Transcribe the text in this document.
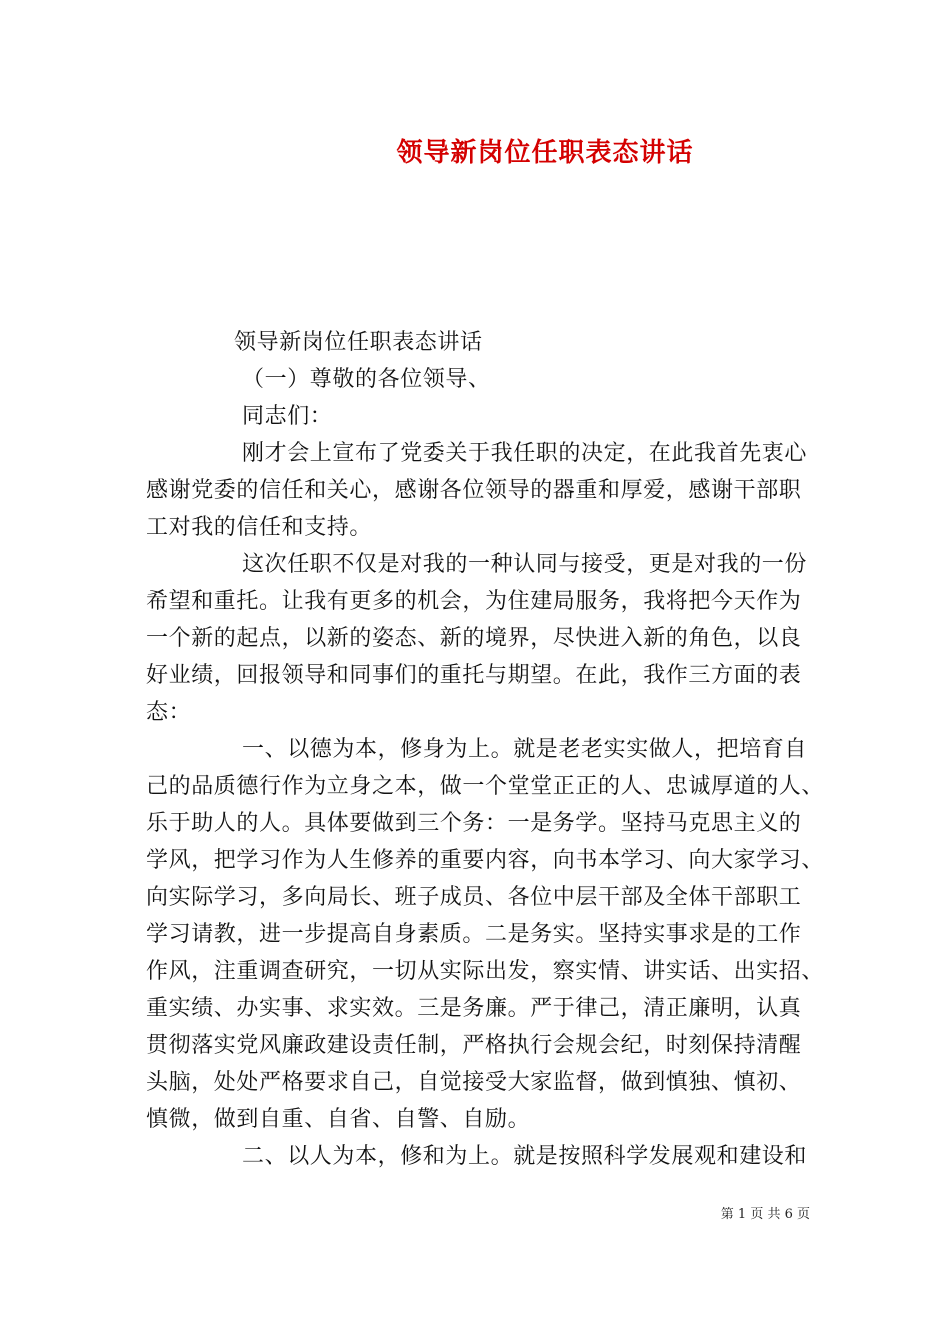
领导新岗位任职表态讲话
领导新岗位任职表态讲话
（一）尊敬的各位领导、
同志们：
刚才会上宣布了党委关于我任职的决定，在此我首先衷心
感谢党委的信任和关心，感谢各位领导的器重和厚爱，感谢干部职
工对我的信任和支持。
这次任职不仅是对我的一种认同与接受，更是对我的一份
希望和重托。让我有更多的机会，为住建局服务，我将把今天作为
一个新的起点，以新的姿态、新的境界，尽快进入新的角色，以良
好业绩，回报领导和同事们的重托与期望。在此，我作三方面的表
态：
一、以德为本，修身为上。就是老老实实做人，把培育自
己的品质德行作为立身之本，做一个堂堂正正的人、忠诚厚道的人、
乐于助人的人。具体要做到三个务：一是务学。坚持马克思主义的
学风，把学习作为人生修养的重要内容，向书本学习、向大家学习、
向实际学习，多向局长、班子成员、各位中层干部及全体干部职工
学习请教，进一步提高自身素质。二是务实。坚持实事求是的工作
作风，注重调查研究，一切从实际出发，察实情、讲实话、出实招、
重实绩、办实事、求实效。三是务廉。严于律己，清正廉明，认真
贯彻落实党风廉政建设责任制，严格执行会规会纪，时刻保持清醒
头脑，处处严格要求自己，自觉接受大家监督，做到慎独、慎初、
慎微，做到自重、自省、自警、自励。
二、以人为本，修和为上。就是按照科学发展观和建设和
第 1 页 共 6 页
